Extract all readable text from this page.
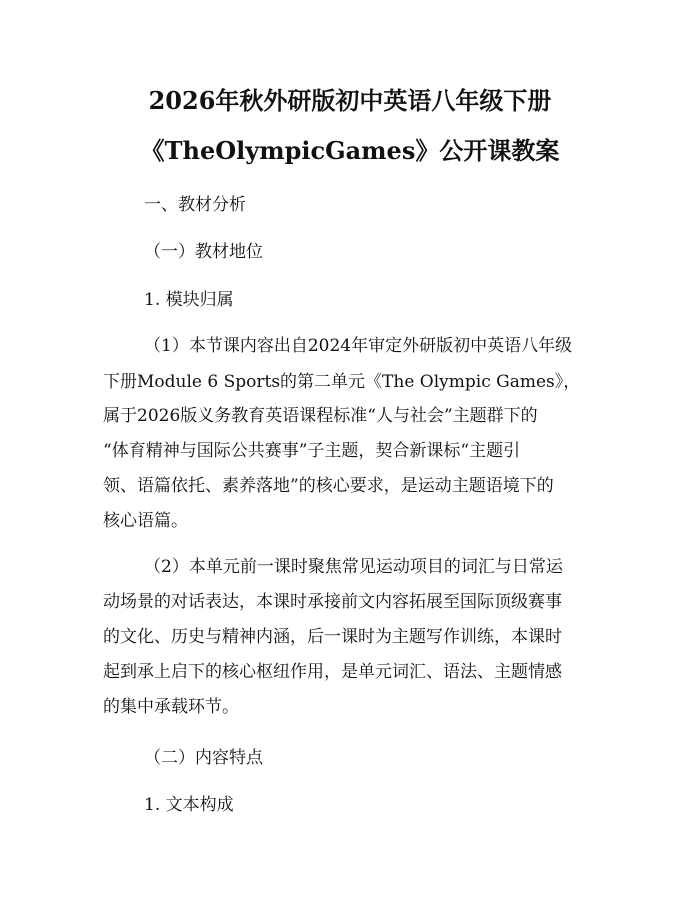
2026年秋外研版初中英语八年级下册
《TheOlympicGames》公开课教案

一、教材分析

（一）教材地位

1. 模块归属

（1）本节课内容出自2024年审定外研版初中英语八年级

下册Module 6 Sports的第二单元《The Olympic Games》，

属于2026版义务教育英语课程标准“人与社会”主题群下的

“体育精神与国际公共赛事”子主题，契合新课标“主题引

领、语篇依托、素养落地”的核心要求，是运动主题语境下的

核心语篇。

（2）本单元前一课时聚焦常见运动项目的词汇与日常运

动场景的对话表达，本课时承接前文内容拓展至国际顶级赛事

的文化、历史与精神内涵，后一课时为主题写作训练，本课时

起到承上启下的核心枢纽作用，是单元词汇、语法、主题情感

的集中承载环节。

（二）内容特点

1. 文本构成
